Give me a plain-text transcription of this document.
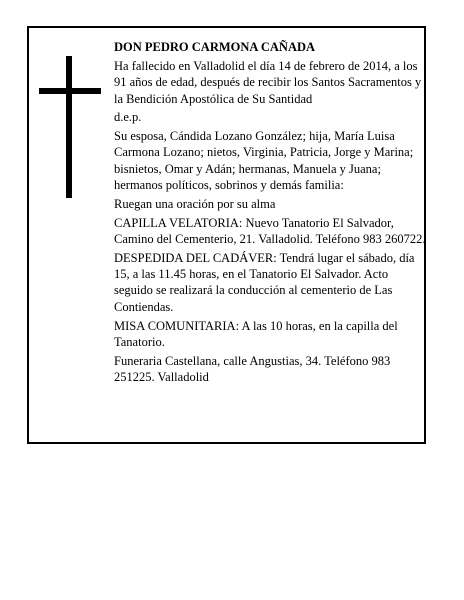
DON PEDRO CARMONA CAÑADA

Ha fallecido en Valladolid el día 14 de febrero de 2014, a los 91 años de edad, después de recibir los Santos Sacramentos y la Bendición Apostólica de Su Santidad

d.e.p.

Su esposa, Cándida Lozano González; hija, María Luisa Carmona Lozano; nietos, Virginia, Patricia, Jorge y Marina; bisnietos, Omar y Adán; hermanas, Manuela y Juana; hermanos políticos, sobrinos y demás familia:

Ruegan una oración por su alma

CAPILLA VELATORIA: Nuevo Tanatorio El Salvador, Camino del Cementerio, 21. Valladolid. Teléfono 983 260722.

DESPEDIDA DEL CADÁVER: Tendrá lugar el sábado, día 15, a las 11.45 horas, en el Tanatorio El Salvador. Acto seguido se realizará la conducción al cementerio de Las Contiendas.

MISA COMUNITARIA: A las 10 horas, en la capilla del Tanatorio.

Funeraria Castellana, calle Angustias, 34. Teléfono 983 251225. Valladolid
